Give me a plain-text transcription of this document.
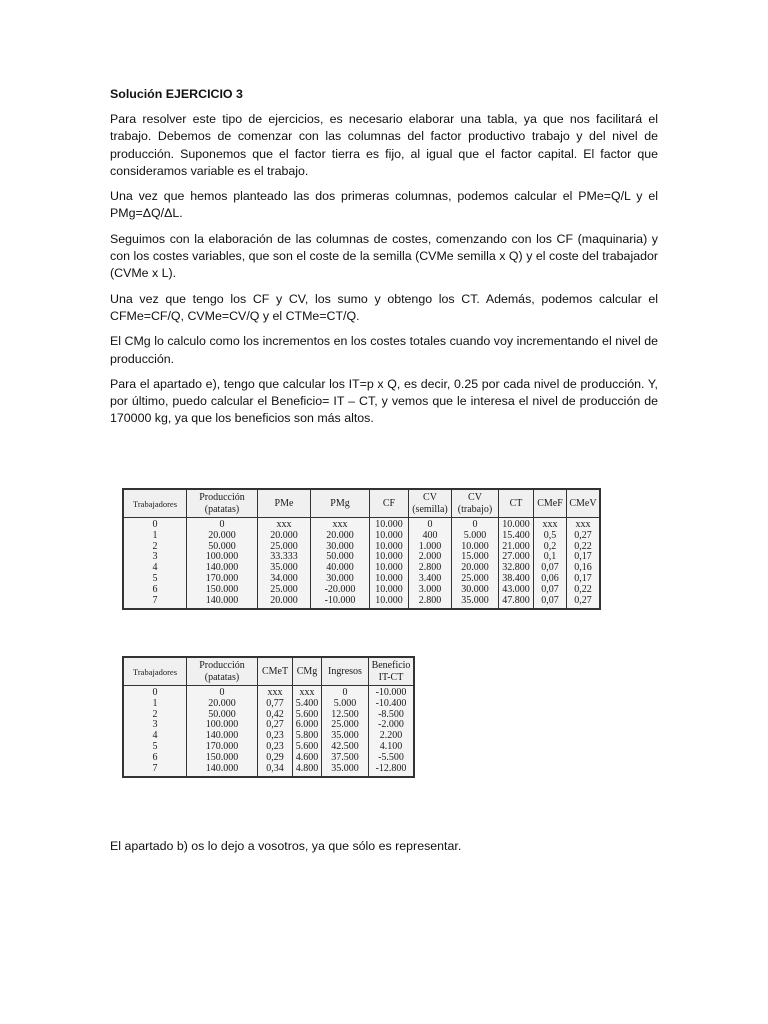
Solución EJERCICIO 3

Para resolver este tipo de ejercicios, es necesario elaborar una tabla, ya que nos facilitará el trabajo. Debemos de comenzar con las columnas del factor productivo trabajo y del nivel de producción. Suponemos que el factor tierra es fijo, al igual que el factor capital. El factor que consideramos variable es el trabajo.

Una vez que hemos planteado las dos primeras columnas, podemos calcular el PMe=Q/L y el PMg=ΔQ/ΔL.

Seguimos con la elaboración de las columnas de costes, comenzando con los CF (maquinaria) y con los costes variables, que son el coste de la semilla (CVMe semilla x Q) y el coste del trabajador (CVMe x L).

Una vez que tengo los CF y CV, los sumo y obtengo los CT. Además, podemos calcular el CFMe=CF/Q, CVMe=CV/Q y el CTMe=CT/Q.

El CMg lo calculo como los incrementos en los costes totales cuando voy incrementando el nivel de producción.

Para el apartado e), tengo que calcular los IT=p x Q, es decir, 0.25 por cada nivel de producción. Y, por último, puedo calcular el Beneficio= IT – CT, y vemos que le interesa el nivel de producción de 170000 kg, ya que los beneficios son más altos.

Trabajadores	Producción (patatas)	PMe	PMg	CF	CV (semilla)	CV (trabajo)	CT	CMeF	CMeV
0	0	xxx	xxx	10.000	0	0	10.000	xxx	xxx
1	20.000	20.000	20.000	10.000	400	5.000	15.400	0,5	0,27
2	50.000	25.000	30.000	10.000	1.000	10.000	21.000	0,2	0,22
3	100.000	33.333	50.000	10.000	2.000	15.000	27.000	0,1	0,17
4	140.000	35.000	40.000	10.000	2.800	20.000	32.800	0,07	0,16
5	170.000	34.000	30.000	10.000	3.400	25.000	38.400	0,06	0,17
6	150.000	25.000	-20.000	10.000	3.000	30.000	43.000	0,07	0,22
7	140.000	20.000	-10.000	10.000	2.800	35.000	47.800	0,07	0,27
Trabajadores	Producción (patatas)	CMeT	CMg	Ingresos	Beneficio IT-CT
0	0	xxx	xxx	0	-10.000
1	20.000	0,77	5.400	5.000	-10.400
2	50.000	0,42	5.600	12.500	-8.500
3	100.000	0,27	6.000	25.000	-2.000
4	140.000	0,23	5.800	35.000	2.200
5	170.000	0,23	5.600	42.500	4.100
6	150.000	0,29	4.600	37.500	-5.500
7	140.000	0,34	4.800	35.000	-12.800

El apartado b) os lo dejo a vosotros, ya que sólo es representar.
